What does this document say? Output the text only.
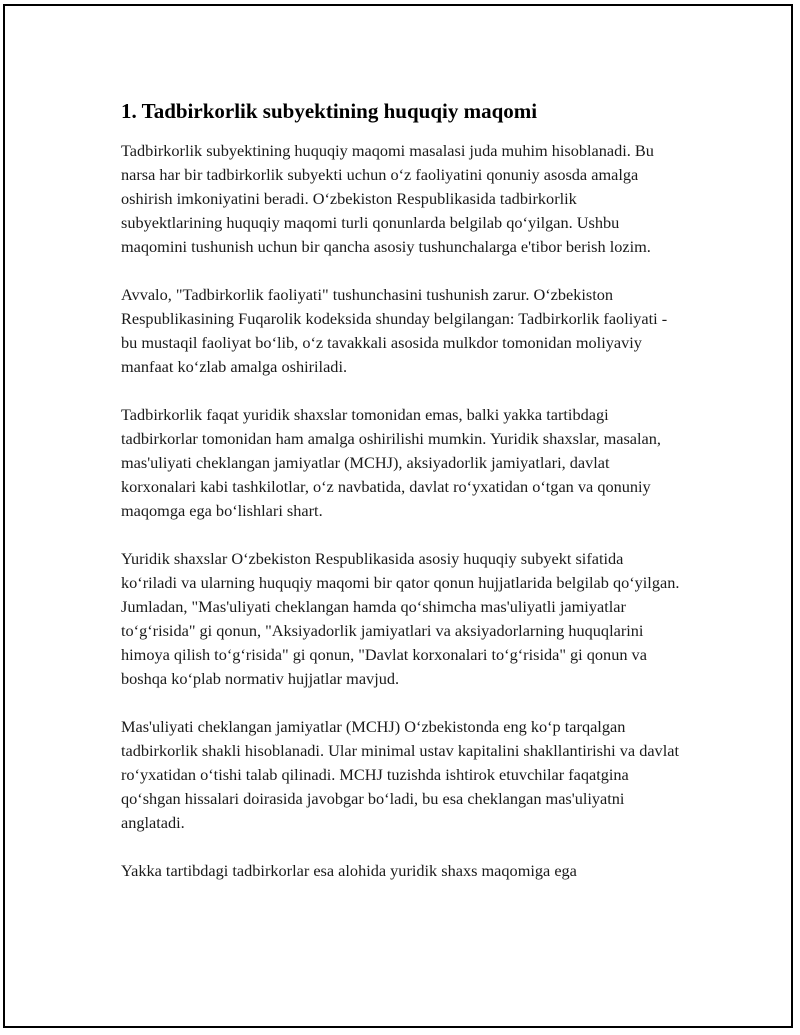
1. Tadbirkorlik subyektining huquqiy maqomi

Tadbirkorlik subyektining huquqiy maqomi masalasi juda muhim hisoblanadi. Bu narsa har bir tadbirkorlik subyekti uchun o‘z faoliyatini qonuniy asosda amalga oshirish imkoniyatini beradi. O‘zbekiston Respublikasida tadbirkorlik subyektlarining huquqiy maqomi turli qonunlarda belgilab qo‘yilgan. Ushbu maqomini tushunish uchun bir qancha asosiy tushunchalarga e'tibor berish lozim.

Avvalo, "Tadbirkorlik faoliyati" tushunchasini tushunish zarur. O‘zbekiston Respublikasining Fuqarolik kodeksida shunday belgilangan: Tadbirkorlik faoliyati - bu mustaqil faoliyat bo‘lib, o‘z tavakkali asosida mulkdor tomonidan moliyaviy manfaat ko‘zlab amalga oshiriladi.

Tadbirkorlik faqat yuridik shaxslar tomonidan emas, balki yakka tartibdagi tadbirkorlar tomonidan ham amalga oshirilishi mumkin. Yuridik shaxslar, masalan, mas'uliyati cheklangan jamiyatlar (MCHJ), aksiyadorlik jamiyatlari, davlat korxonalari kabi tashkilotlar, o‘z navbatida, davlat ro‘yxatidan o‘tgan va qonuniy maqomga ega bo‘lishlari shart.

Yuridik shaxslar O‘zbekiston Respublikasida asosiy huquqiy subyekt sifatida ko‘riladi va ularning huquqiy maqomi bir qator qonun hujjatlarida belgilab qo‘yilgan. Jumladan, "Mas'uliyati cheklangan hamda qo‘shimcha mas'uliyatli jamiyatlar to‘g‘risida" gi qonun, "Aksiyadorlik jamiyatlari va aksiyadorlarning huquqlarini himoya qilish to‘g‘risida" gi qonun, "Davlat korxonalari to‘g‘risida" gi qonun va boshqa ko‘plab normativ hujjatlar mavjud.

Mas'uliyati cheklangan jamiyatlar (MCHJ) O‘zbekistonda eng ko‘p tarqalgan tadbirkorlik shakli hisoblanadi. Ular minimal ustav kapitalini shakllantirishi va davlat ro‘yxatidan o‘tishi talab qilinadi. MCHJ tuzishda ishtirok etuvchilar faqatgina qo‘shgan hissalari doirasida javobgar bo‘ladi, bu esa cheklangan mas'uliyatni anglatadi.

Yakka tartibdagi tadbirkorlar esa alohida yuridik shaxs maqomiga ega
